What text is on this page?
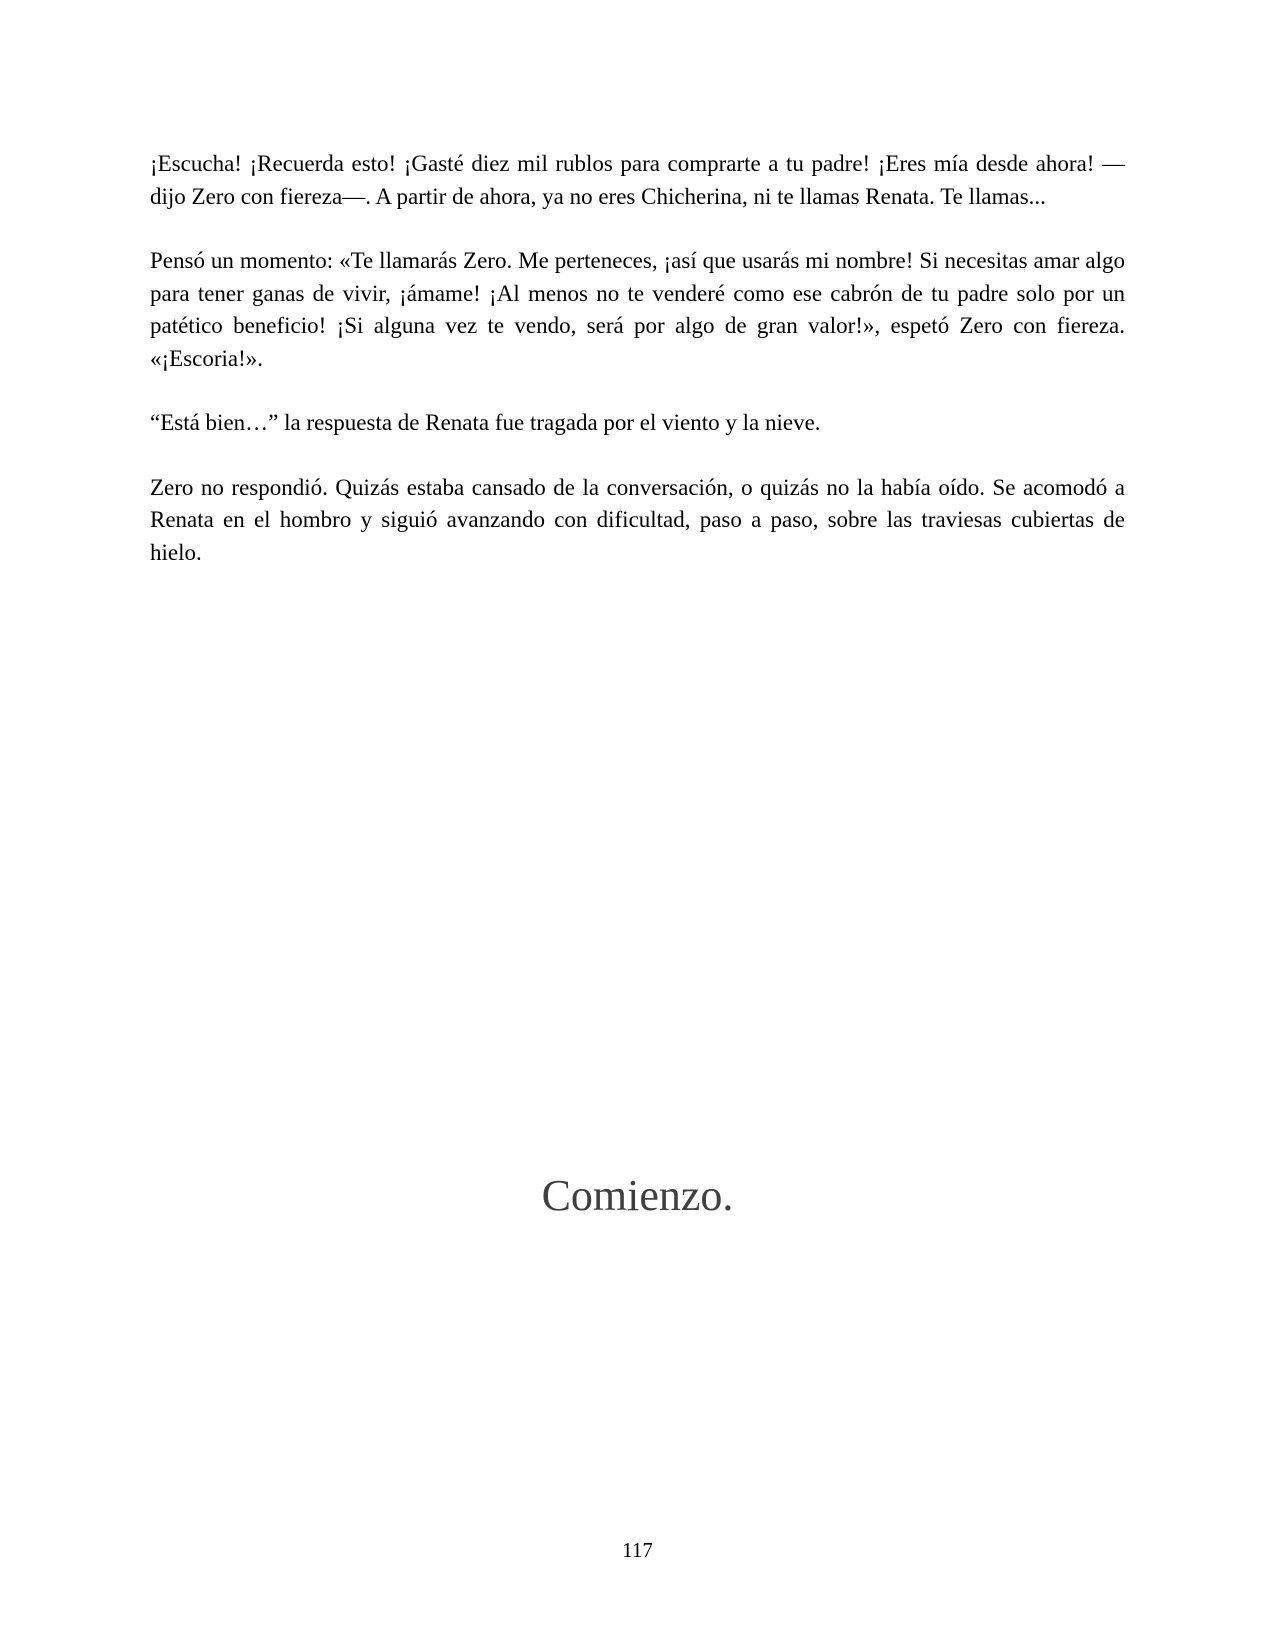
¡Escucha! ¡Recuerda esto! ¡Gasté diez mil rublos para comprarte a tu padre! ¡Eres mía desde ahora! —dijo Zero con fiereza—. A partir de ahora, ya no eres Chicherina, ni te llamas Renata. Te llamas...

Pensó un momento: «Te llamarás Zero. Me perteneces, ¡así que usarás mi nombre! Si necesitas amar algo para tener ganas de vivir, ¡ámame! ¡Al menos no te venderé como ese cabrón de tu padre solo por un patético beneficio! ¡Si alguna vez te vendo, será por algo de gran valor!», espetó Zero con fiereza. «¡Escoria!».

“Está bien…” la respuesta de Renata fue tragada por el viento y la nieve.

Zero no respondió. Quizás estaba cansado de la conversación, o quizás no la había oído. Se acomodó a Renata en el hombro y siguió avanzando con dificultad, paso a paso, sobre las traviesas cubiertas de hielo.

Comienzo.
117
